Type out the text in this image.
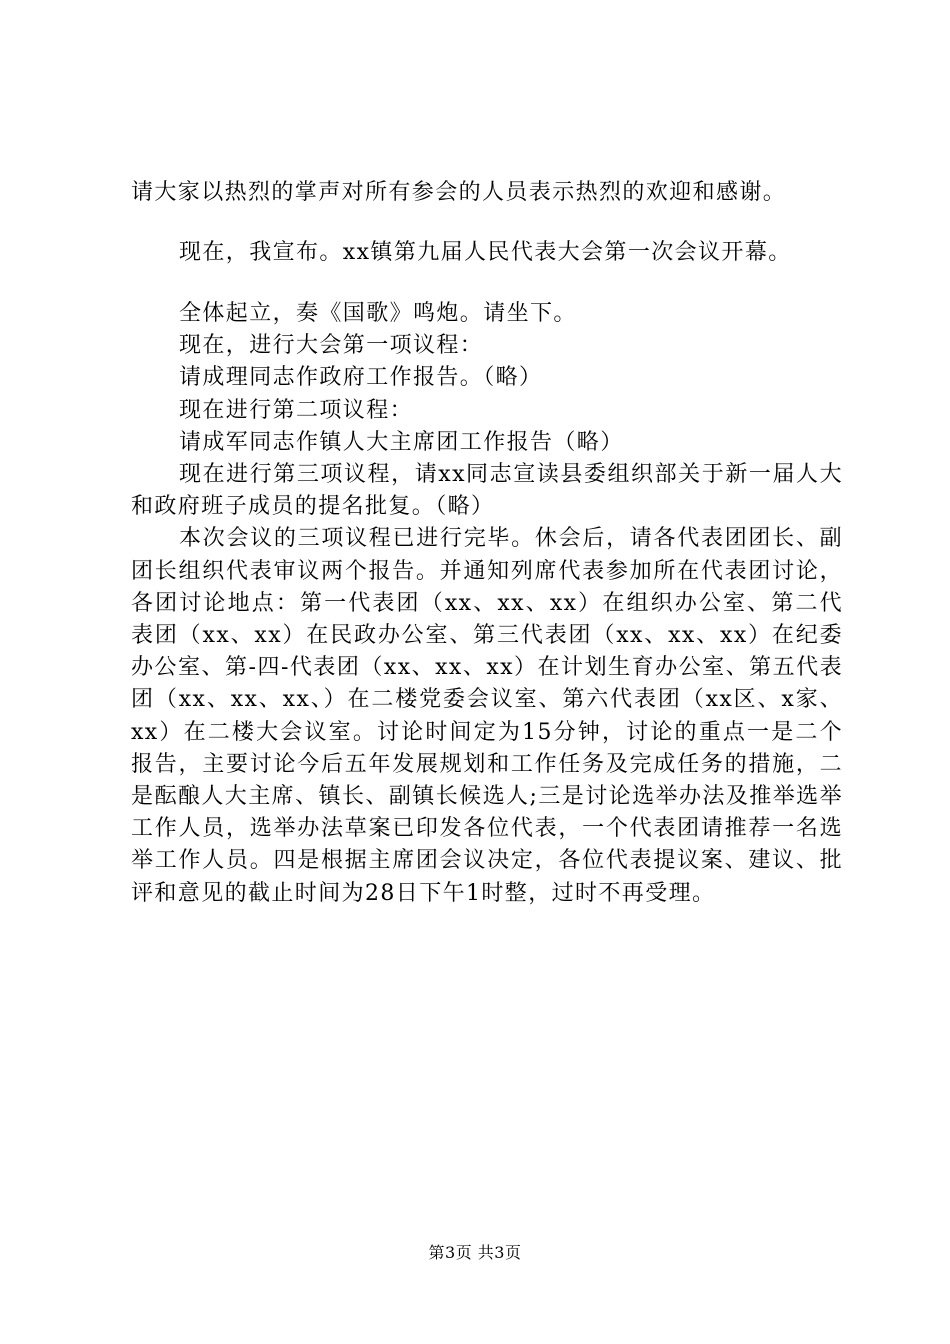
请大家以热烈的掌声对所有参会的人员表示热烈的欢迎和感谢。

现在，我宣布。xx镇第九届人民代表大会第一次会议开幕。

全体起立，奏《国歌》鸣炮。请坐下。

现在，进行大会第一项议程：

请成理同志作政府工作报告。（略）

现在进行第二项议程：

请成军同志作镇人大主席团工作报告（略）

现在进行第三项议程，请xx同志宣读县委组织部关于新一届人大和政府班子成员的提名批复。（略）

本次会议的三项议程已进行完毕。休会后，请各代表团团长、副团长组织代表审议两个报告。并通知列席代表参加所在代表团讨论，各团讨论地点：第一代表团（xx、xx、xx）在组织办公室、第二代表团（xx、xx）在民政办公室、第三代表团（xx、xx、xx）在纪委办公室、第-四-代表团（xx、xx、xx）在计划生育办公室、第五代表团（xx、xx、xx、）在二楼党委会议室、第六代表团（xx区、x家、xx）在二楼大会议室。讨论时间定为15分钟，讨论的重点一是二个报告，主要讨论今后五年发展规划和工作任务及完成任务的措施，二是酝酿人大主席、镇长、副镇长候选人;三是讨论选举办法及推举选举工作人员，选举办法草案已印发各位代表，一个代表团请推荐一名选举工作人员。四是根据主席团会议决定，各位代表提议案、建议、批评和意见的截止时间为28日下午1时整，过时不再受理。

第3页 共3页
